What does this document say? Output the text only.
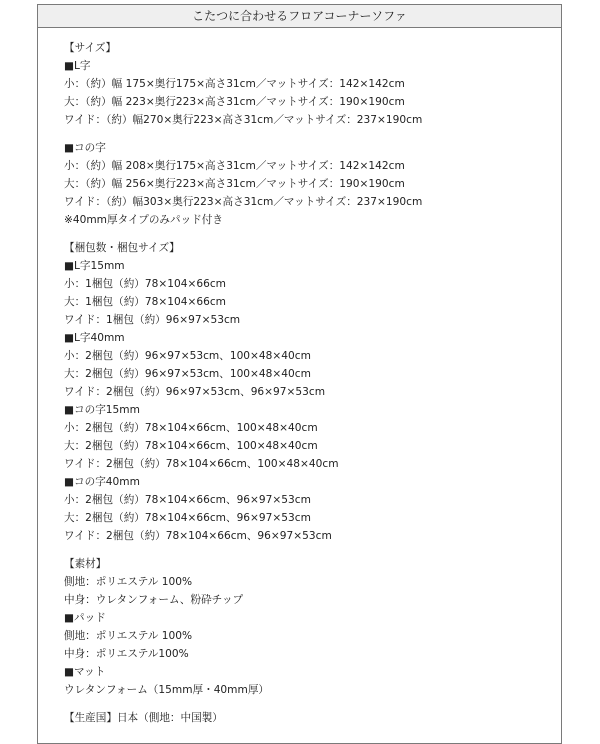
こたつに合わせるフロアコーナーソファ
【サイズ】
■L字
小：（約）幅 175×奥行175×高さ31cm／マットサイズ：142×142cm
大：（約）幅 223×奥行223×高さ31cm／マットサイズ：190×190cm
ワイド：（約）幅270×奥行223×高さ31cm／マットサイズ：237×190cm
■コの字
小：（約）幅 208×奥行175×高さ31cm／マットサイズ：142×142cm
大：（約）幅 256×奥行223×高さ31cm／マットサイズ：190×190cm
ワイド：（約）幅303×奥行223×高さ31cm／マットサイズ：237×190cm
※40mm厚タイプのみパッド付き
【梱包数・梱包サイズ】
■L字15mm
小：1梱包（約）78×104×66cm
大：1梱包（約）78×104×66cm
ワイド：1梱包（約）96×97×53cm
■L字40mm
小：2梱包（約）96×97×53cm、100×48×40cm
大：2梱包（約）96×97×53cm、100×48×40cm
ワイド：2梱包（約）96×97×53cm、96×97×53cm
■コの字15mm
小：2梱包（約）78×104×66cm、100×48×40cm
大：2梱包（約）78×104×66cm、100×48×40cm
ワイド：2梱包（約）78×104×66cm、100×48×40cm
■コの字40mm
小：2梱包（約）78×104×66cm、96×97×53cm
大：2梱包（約）78×104×66cm、96×97×53cm
ワイド：2梱包（約）78×104×66cm、96×97×53cm
【素材】
側地：ポリエステル 100%
中身：ウレタンフォーム、粉砕チップ
■パッド
側地：ポリエステル 100%
中身：ポリエステル100%
■マット
ウレタンフォーム（15mm厚・40mm厚）
【生産国】日本（側地：中国製）
